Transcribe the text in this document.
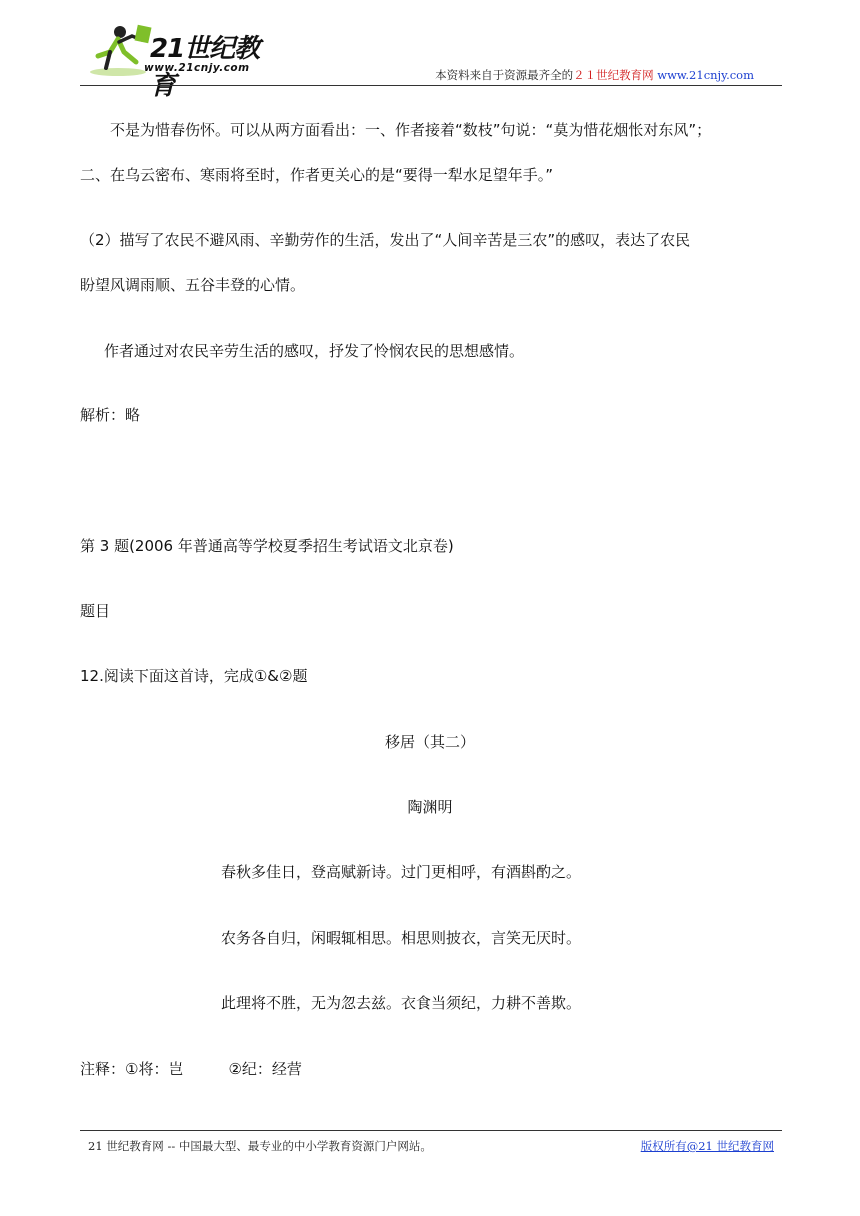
21世纪教育
www.21cnjy.com	本资料来自于资源最齐全的２１世纪教育网 www.21cnjy.com
不是为惜春伤怀。可以从两方面看出：一、作者接着“数枝”句说：“莫为惜花烟怅对东风”；
二、在乌云密布、寒雨将至时，作者更关心的是“要得一犁水足望年手。”
（2）描写了农民不避风雨、辛勤劳作的生活，发出了“人间辛苦是三农”的感叹，表达了农民
盼望风调雨顺、五谷丰登的心情。
作者通过对农民辛劳生活的感叹，抒发了怜悯农民的思想感情。
解析：略
第 3 题(2006 年普通高等学校夏季招生考试语文北京卷)
题目
12.阅读下面这首诗，完成①&②题
移居（其二）
陶渊明
春秋多佳日，登高赋新诗。过门更相呼，有酒斟酌之。
农务各自归，闲暇辄相思。相思则披衣，言笑无厌时。
此理将不胜，无为忽去兹。衣食当须纪，力耕不善欺。
注释：①将：岂　　　②纪：经营
21 世纪教育网 -- 中国最大型、最专业的中小学教育资源门户网站。	版权所有@21 世纪教育网
